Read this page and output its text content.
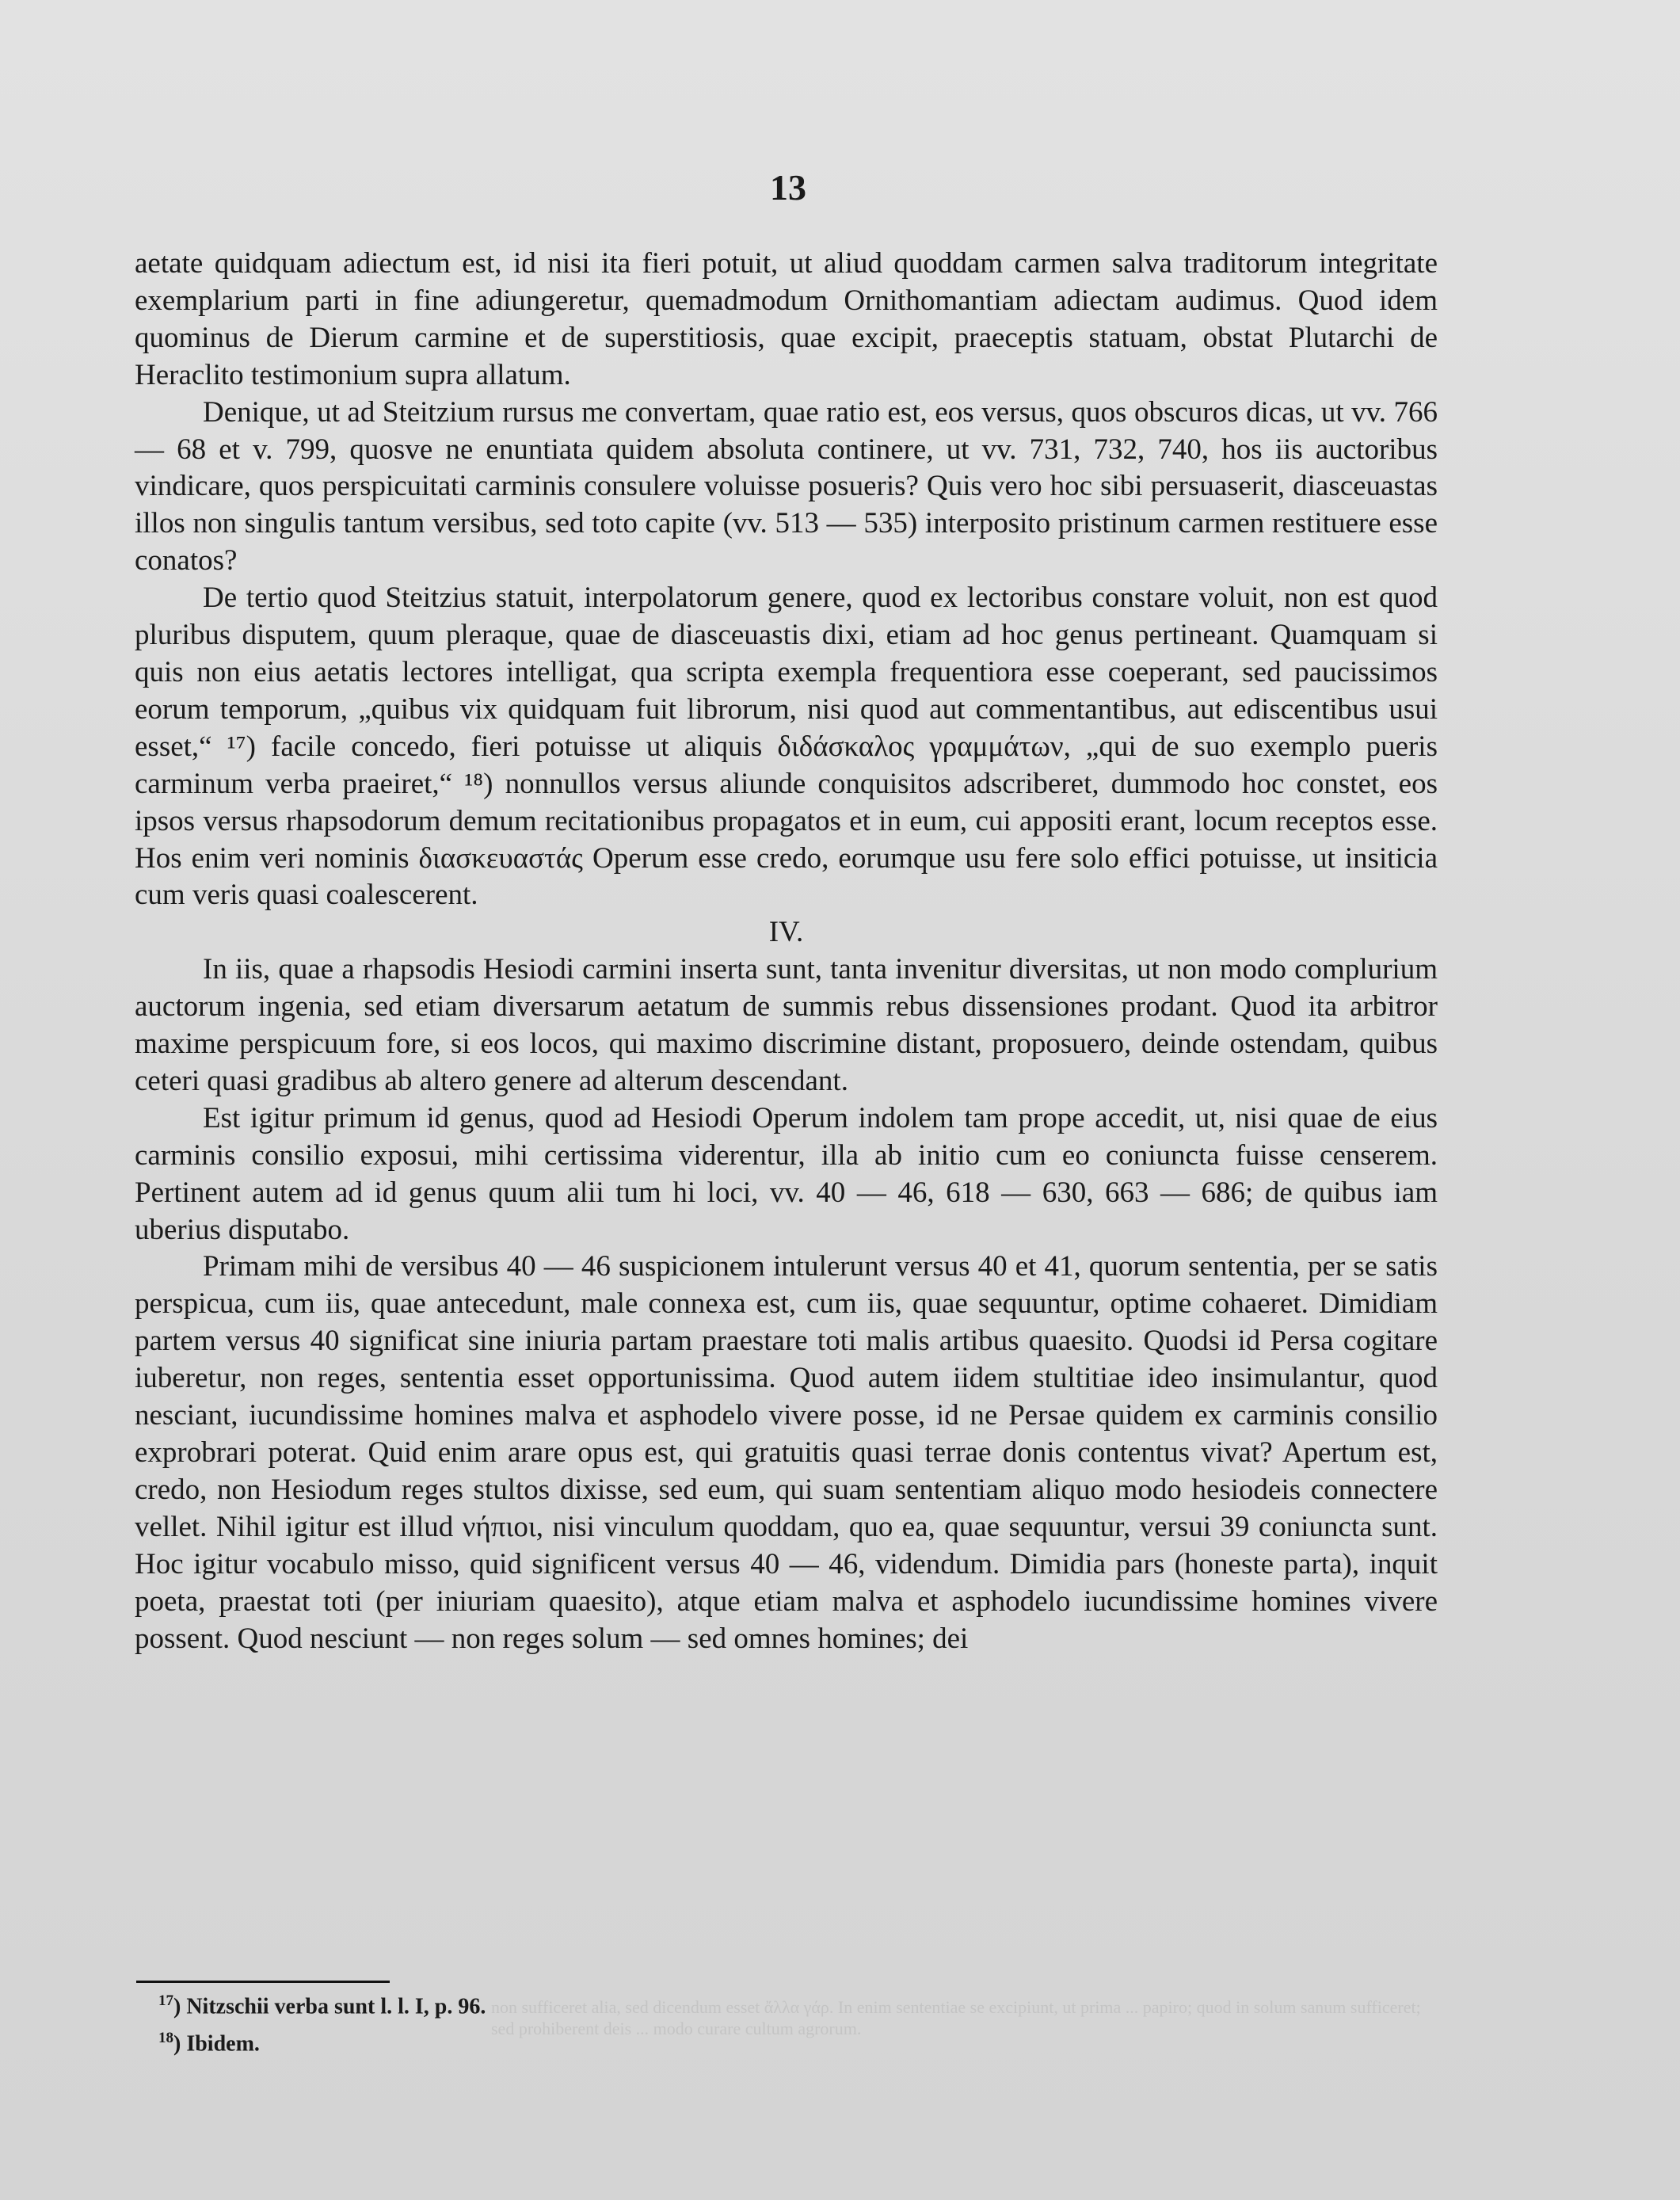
13

aetate quidquam adiectum est, id nisi ita fieri potuit, ut aliud quoddam carmen salva traditorum integritate exemplarium parti in fine adiungeretur, quemadmodum Ornithomantiam adiectam audimus. Quod idem quominus de Dierum carmine et de superstitiosis, quae excipit, praeceptis statuam, obstat Plutarchi de Heraclito testimonium supra allatum.

Denique, ut ad Steitzium rursus me convertam, quae ratio est, eos versus, quos obscuros dicas, ut vv. 766 — 68 et v. 799, quosve ne enuntiata quidem absoluta continere, ut vv. 731, 732, 740, hos iis auctoribus vindicare, quos perspicuitati carminis consulere voluisse posueris? Quis vero hoc sibi persuaserit, diasceuastas illos non singulis tantum versibus, sed toto capite (vv. 513 — 535) interposito pristinum carmen restituere esse conatos?

De tertio quod Steitzius statuit, interpolatorum genere, quod ex lectoribus constare voluit, non est quod pluribus disputem, quum pleraque, quae de diasceuastis dixi, etiam ad hoc genus pertineant. Quamquam si quis non eius aetatis lectores intelligat, qua scripta exempla frequentiora esse coeperant, sed paucissimos eorum temporum, „quibus vix quidquam fuit librorum, nisi quod aut commentantibus, aut ediscentibus usui esset,“ ¹⁷) facile concedo, fieri potuisse ut aliquis διδάσκαλος γραμμάτων, „qui de suo exemplo pueris carminum verba praeiret,“ ¹⁸) nonnullos versus aliunde conquisitos adscriberet, dummodo hoc constet, eos ipsos versus rhapsodorum demum recitationibus propagatos et in eum, cui appositi erant, locum receptos esse. Hos enim veri nominis διασκευαστάς Operum esse credo, eorumque usu fere solo effici potuisse, ut insiticia cum veris quasi coalescerent.

IV.

In iis, quae a rhapsodis Hesiodi carmini inserta sunt, tanta invenitur diversitas, ut non modo complurium auctorum ingenia, sed etiam diversarum aetatum de summis rebus dissensiones prodant. Quod ita arbitror maxime perspicuum fore, si eos locos, qui maximo discrimine distant, proposuero, deinde ostendam, quibus ceteri quasi gradibus ab altero genere ad alterum descendant.

Est igitur primum id genus, quod ad Hesiodi Operum indolem tam prope accedit, ut, nisi quae de eius carminis consilio exposui, mihi certissima viderentur, illa ab initio cum eo coniuncta fuisse censerem. Pertinent autem ad id genus quum alii tum hi loci, vv. 40 — 46, 618 — 630, 663 — 686; de quibus iam uberius disputabo.

Primam mihi de versibus 40 — 46 suspicionem intulerunt versus 40 et 41, quorum sententia, per se satis perspicua, cum iis, quae antecedunt, male connexa est, cum iis, quae sequuntur, optime cohaeret. Dimidiam partem versus 40 significat sine iniuria partam praestare toti malis artibus quaesito. Quodsi id Persa cogitare iuberetur, non reges, sententia esset opportunissima. Quod autem iidem stultitiae ideo insimulantur, quod nesciant, iucundissime homines malva et asphodelo vivere posse, id ne Persae quidem ex carminis consilio exprobrari poterat. Quid enim arare opus est, qui gratuitis quasi terrae donis contentus vivat? Apertum est, credo, non Hesiodum reges stultos dixisse, sed eum, qui suam sententiam aliquo modo hesiodeis connectere vellet. Nihil igitur est illud νήπιοι, nisi vinculum quoddam, quo ea, quae sequuntur, versui 39 coniuncta sunt. Hoc igitur vocabulo misso, quid significent versus 40 — 46, videndum. Dimidia pars (honeste parta), inquit poeta, praestat toti (per iniuriam quaesito), atque etiam malva et asphodelo iucundissime homines vivere possent. Quod nesciunt — non reges solum — sed omnes homines; dei

$^{17}$) Nitzschii verba sunt l. l. I, p. 96.

$^{18}$) Ibidem.

non sufficeret alia, sed dicendum esset ἄλλα γάρ. In enim sententiae se excipiunt, ut prima ... papiro; quod in solum sanum sufficeret; sed prohiberent deis ... modo curare cultum agrorum.
